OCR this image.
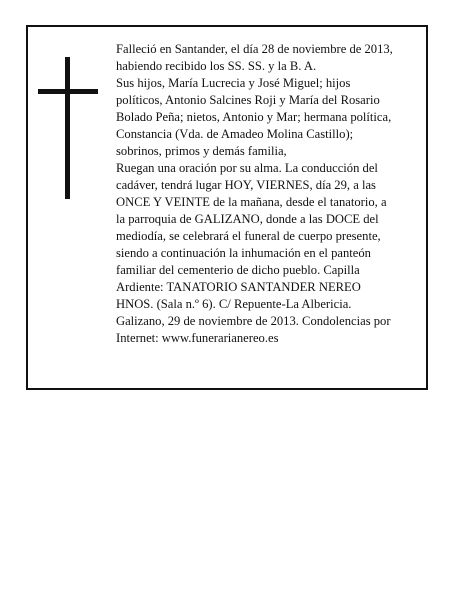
Falleció en Santander, el día 28 de noviembre de 2013,
habiendo recibido los SS. SS. y la B. A.
Sus hijos, María Lucrecia y José Miguel; hijos
políticos, Antonio Salcines Roji y María del Rosario
Bolado Peña; nietos, Antonio y Mar; hermana política,
Constancia (Vda. de Amadeo Molina Castillo);
sobrinos, primos y demás familia,
Ruegan una oración por su alma. La conducción del
cadáver, tendrá lugar HOY, VIERNES, día 29, a las
ONCE Y VEINTE de la mañana, desde el tanatorio, a
la parroquia de GALIZANO, donde a las DOCE del
mediodía, se celebrará el funeral de cuerpo presente,
siendo a continuación la inhumación en el panteón
familiar del cementerio de dicho pueblo. Capilla
Ardiente: TANATORIO SANTANDER NEREO
HNOS. (Sala n.º 6). C/ Repuente-La Albericia.
Galizano, 29 de noviembre de 2013. Condolencias por
Internet: www.funerarianereo.es
